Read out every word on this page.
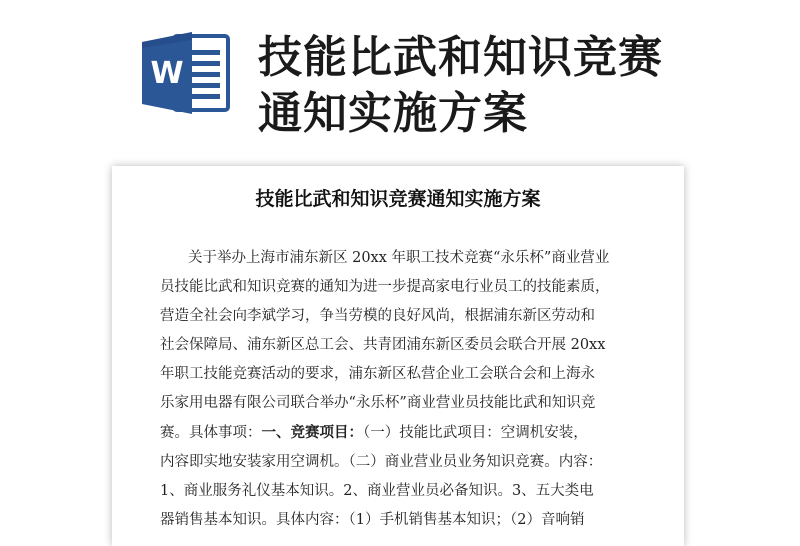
W 技能比武和知识竞赛
通知实施方案
技能比武和知识竞赛通知实施方案
关于举办上海市浦东新区 20xx 年职工技术竞赛“永乐杯”商业营业
员技能比武和知识竞赛的通知为进一步提高家电行业员工的技能素质，
营造全社会向李斌学习，争当劳模的良好风尚，根据浦东新区劳动和
社会保障局、浦东新区总工会、共青团浦东新区委员会联合开展 20xx
年职工技能竞赛活动的要求，浦东新区私营企业工会联合会和上海永
乐家用电器有限公司联合举办“永乐杯”商业营业员技能比武和知识竞
赛。具体事项：一、竞赛项目：（一）技能比武项目：空调机安装，
内容即实地安装家用空调机。（二）商业营业员业务知识竞赛。内容：
1、商业服务礼仪基本知识。2、商业营业员必备知识。3、五大类电
器销售基本知识。具体内容：（1）手机销售基本知识；（2）音响销
